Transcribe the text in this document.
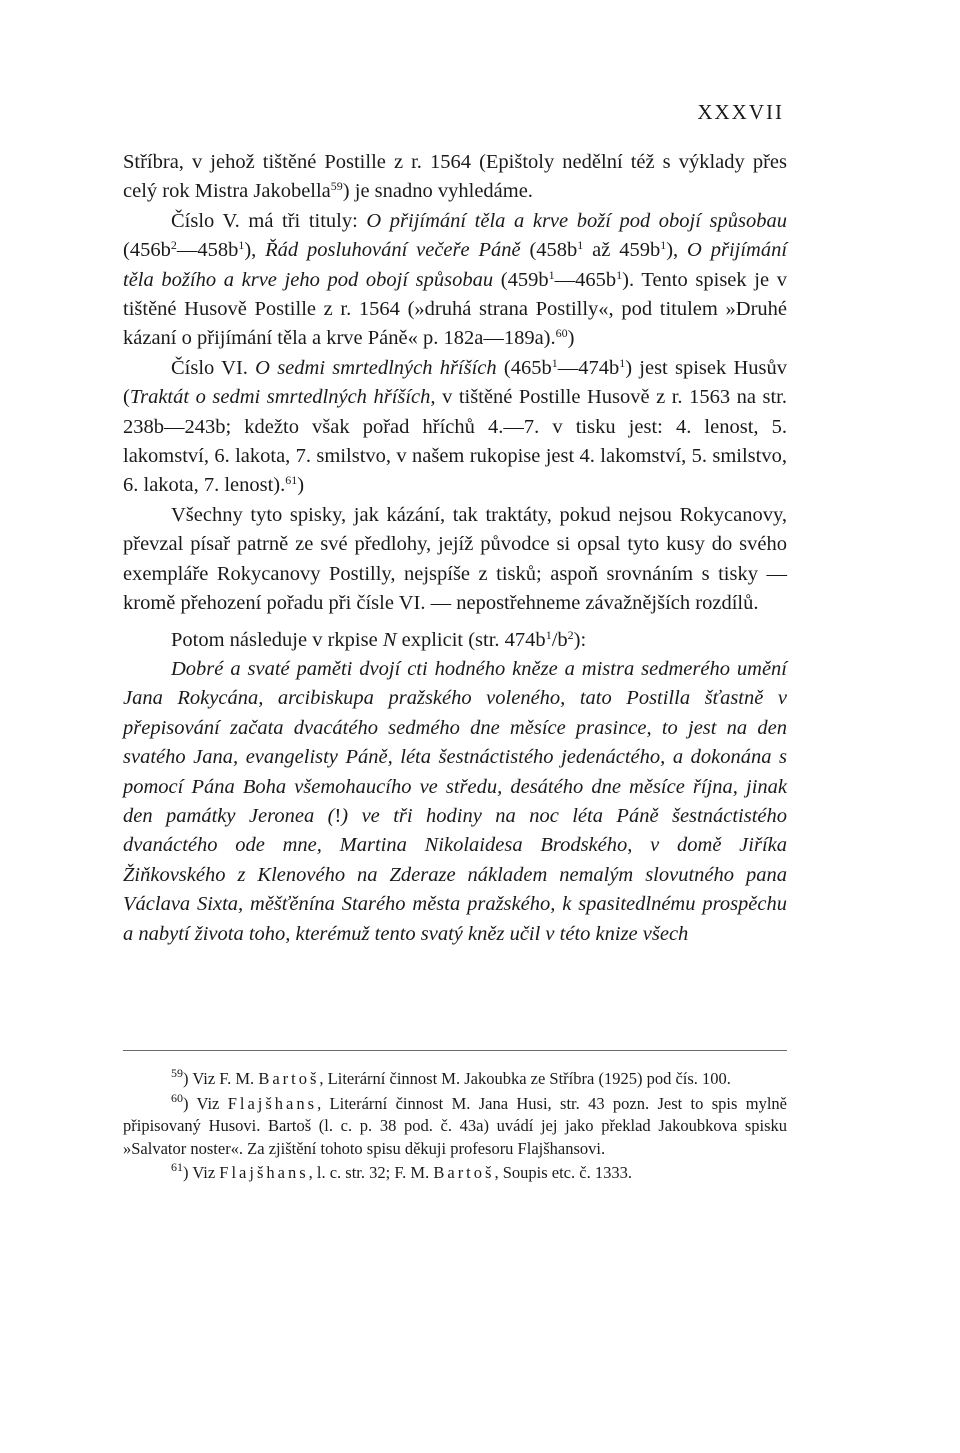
XXXVII

Stříbra, v jehož tištěné Postille z r. 1564 (Epištoly nedělní též s výklady přes celý rok Mistra Jakobella$^{59}$) je snadno vyhledáme.

Číslo V. má tři tituly: O přijímání těla a krve boží pod obojí spůsobau $(456b^2—458b^1)$, Řád posluhování večeře Páně ($458b^1$ až $459b^1$), O přijímání těla božího a krve jeho pod obojí spůsobau $(459b^1—465b^1)$. Tento spisek je v tištěné Husově Postille z r. 1564 (»druhá strana Postilly«, pod titulem »Druhé kázaní o přijímání těla a krve Páně« p. 182a—189a).$^{60}$)

Číslo VI. O sedmi smrtedlných hříších $(465b^1—474b^1)$ jest spisek Husův (Traktát o sedmi smrtedlných hříších, v tištěné Postille Husově z r. 1563 na str. 238b—243b; kdežto však pořad hříchů 4.—7. v tisku jest: 4. lenost, 5. lakomství, 6. lakota, 7. smilstvo, v našem rukopise jest 4. lakomství, 5. smilstvo, 6. lakota, 7. lenost).$^{61}$)

Všechny tyto spisky, jak kázání, tak traktáty, pokud nejsou Rokycanovy, převzal písař patrně ze své předlohy, jejíž původce si opsal tyto kusy do svého exempláře Rokycanovy Postilly, nejspíše z tisků; aspoň srovnáním s tisky — kromě přehození pořadu při čísle VI. — nepostřehneme závažnějších rozdílů.

Potom následuje v rkpise N explicit (str. $474b^1/b^2$):

Dobré a svaté paměti dvojí cti hodného kněze a mistra sedmerého umění Jana Rokycána, arcibiskupa pražského voleného, tato Postilla šťastně v přepisování začata dvacátého sedmého dne měsíce prasince, to jest na den svatého Jana, evangelisty Páně, léta šestnáctistého jedenáctého, a dokonána s pomocí Pána Boha všemohaucího ve středu, desátého dne měsíce října, jinak den památky Jeronea (!) ve tři hodiny na noc léta Páně šestnáctistého dvanáctého ode mne, Martina Nikolaidesa Brodského, v domě Jiříka Žiňkovského z Klenového na Zderaze nákladem nemalým slovutného pana Václava Sixta, měšťěnína Starého města pražského, k spasitedlnému prospěchu a nabytí života toho, kterémuž tento svatý kněz učil v této knize všech

$^{59}$) Viz F. M. Bartoš, Literární činnost M. Jakoubka ze Stříbra (1925) pod čís. 100.

$^{60}$) Viz Flajšhans, Literární činnost M. Jana Husi, str. 43 pozn. Jest to spis mylně připisovaný Husovi. Bartoš (l. c. p. 38 pod. č. 43a) uvádí jej jako překlad Jakoubkova spisku »Salvator noster«. Za zjištění tohoto spisu děkuji profesoru Flajšhansovi.

$^{61}$) Viz Flajšhans, l. c. str. 32; F. M. Bartoš, Soupis etc. č. 1333.
